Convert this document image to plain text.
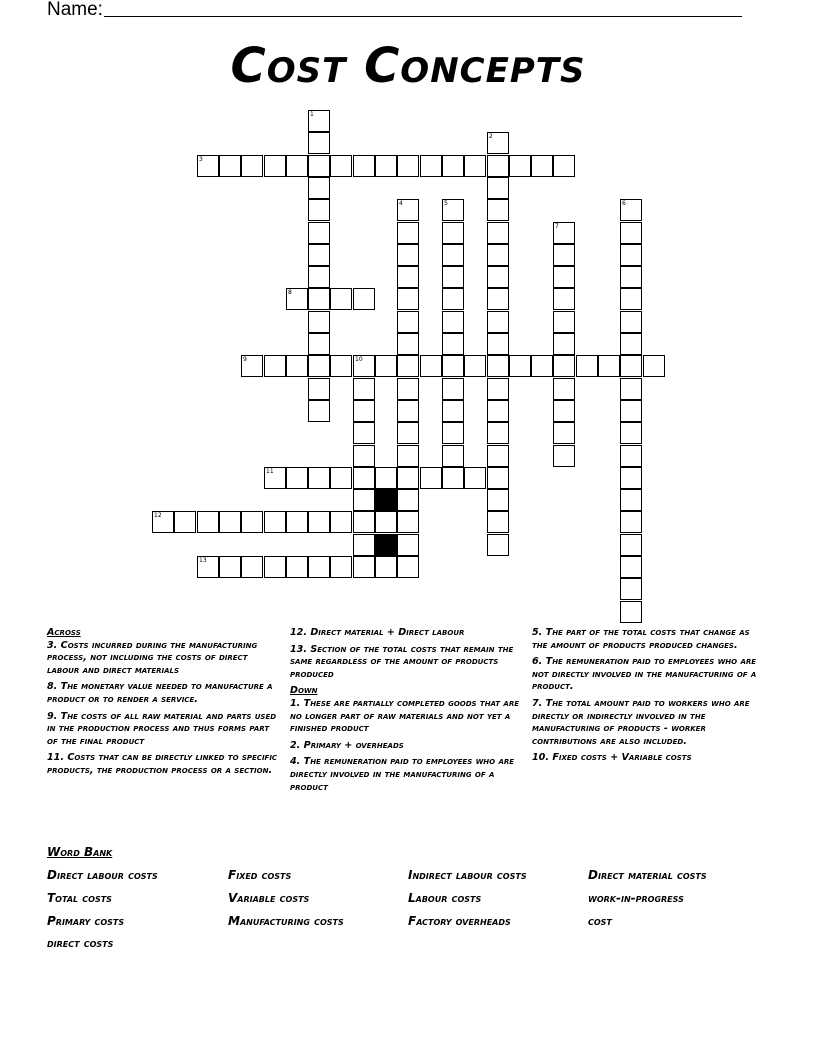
Name:
Cost Concepts
1
2
3
4	5	6
7
8
9	10
11
12
13
Across
3. Costs incurred during the manufacturing process, not including the costs of direct labour and direct materials
8. The monetary value needed to manufacture a product or to render a service.
9. The costs of all raw material and parts used in the production process and thus forms part of the final product
11. Costs that can be directly linked to specific products, the production process or a section.
12. Direct material + Direct labour
13. Section of the total costs that remain the same regardless of the amount of products produced
Down
1. These are partially completed goods that are no longer part of raw materials and not yet a finished product
2. Primary + overheads
4. The remuneration paid to employees who are directly involved in the manufacturing of a product
5. The part of the total costs that change as the amount of products produced changes.
6. The remuneration paid to employees who are not directly involved in the manufacturing of a product.
7. The total amount paid to workers who are directly or indirectly involved in the manufacturing of products - worker contributions are also included.
10. Fixed costs + Variable costs
Word Bank
Direct labour costs	Fixed costs	Indirect labour costs	Direct material costs
Total costs	Variable costs	Labour costs	work-in-progress
Primary costs	Manufacturing costs	Factory overheads	cost
direct costs
